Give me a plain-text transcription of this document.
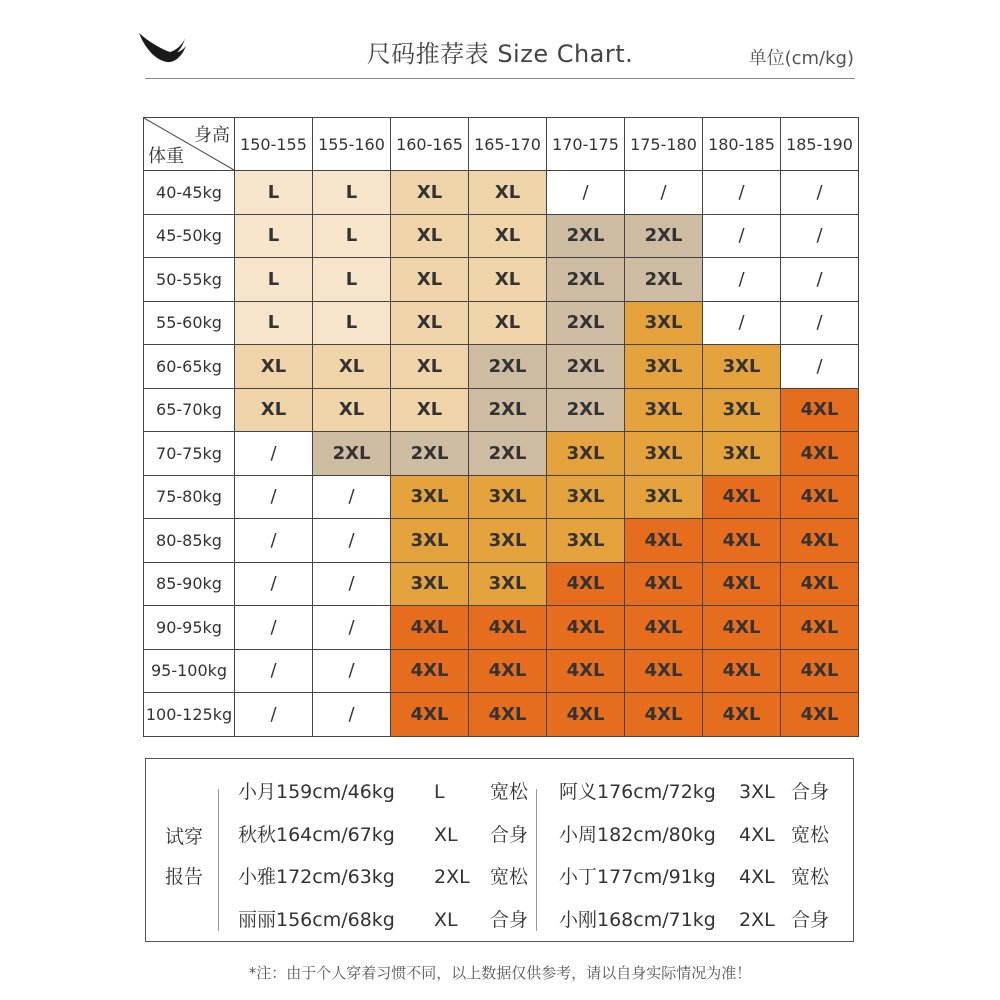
尺码推荐表 Size Chart.	单位(cm/kg)
身高
体重	150-155	155-160	160-165	165-170	170-175	175-180	180-185	185-190
40-45kg	L	L	XL	XL	/	/	/	/
45-50kg	L	L	XL	XL	2XL	2XL	/	/
50-55kg	L	L	XL	XL	2XL	2XL	/	/
55-60kg	L	L	XL	XL	2XL	3XL	/	/
60-65kg	XL	XL	XL	2XL	2XL	3XL	3XL	/
65-70kg	XL	XL	XL	2XL	2XL	3XL	3XL	4XL
70-75kg	/	2XL	2XL	2XL	3XL	3XL	3XL	4XL
75-80kg	/	/	3XL	3XL	3XL	3XL	4XL	4XL
80-85kg	/	/	3XL	3XL	3XL	4XL	4XL	4XL
85-90kg	/	/	3XL	3XL	4XL	4XL	4XL	4XL
90-95kg	/	/	4XL	4XL	4XL	4XL	4XL	4XL
95-100kg	/	/	4XL	4XL	4XL	4XL	4XL	4XL
100-125kg	/	/	4XL	4XL	4XL	4XL	4XL	4XL
试穿
报告
小月159cm/46kg L 宽松
秋秋164cm/67kg XL 合身
小雅172cm/63kg 2XL 宽松
丽丽156cm/68kg XL 合身
阿义176cm/72kg 3XL 合身
小周182cm/80kg 4XL 宽松
小丁177cm/91kg 4XL 宽松
小刚168cm/71kg 2XL 合身
*注：由于个人穿着习惯不同，以上数据仅供参考，请以自身实际情况为准！
